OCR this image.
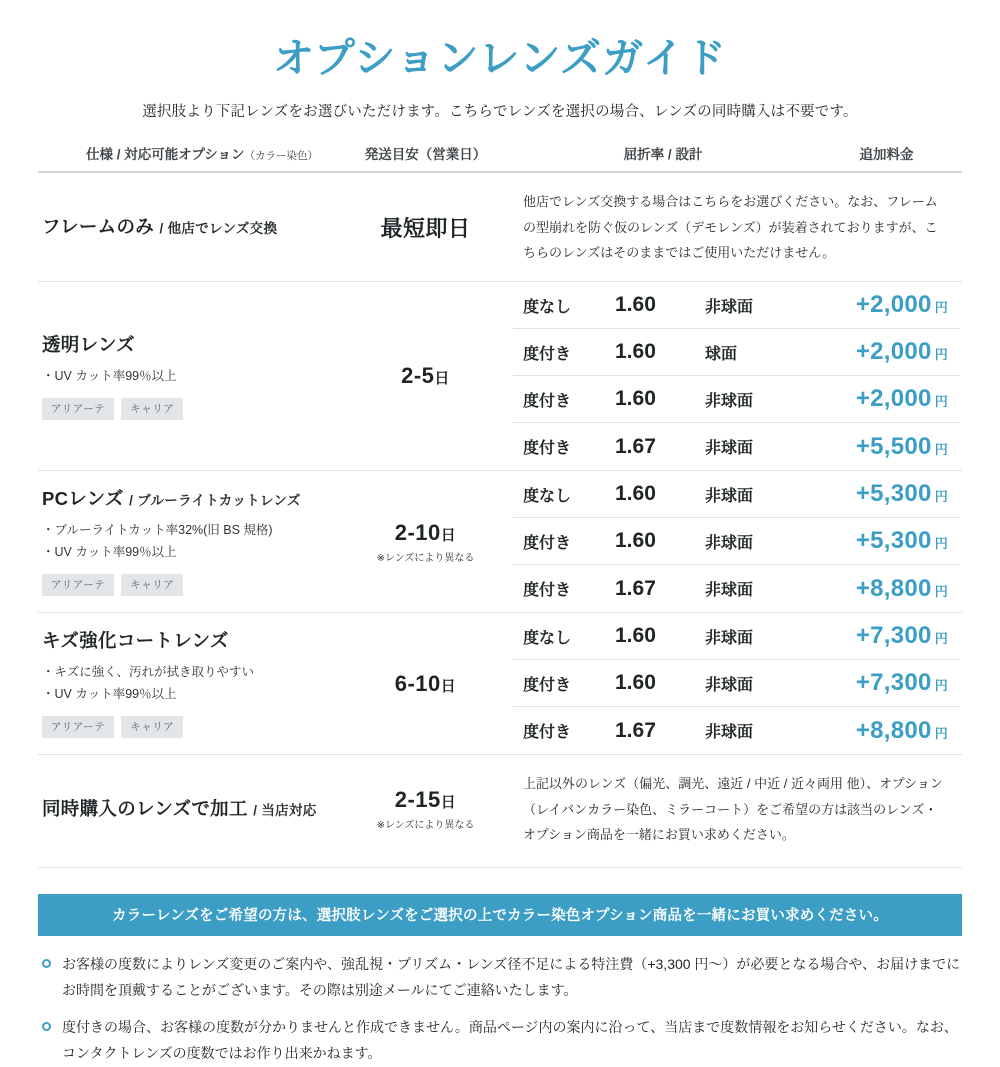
オプションレンズガイド
選択肢より下記レンズをお選びいただけます。こちらでレンズを選択の場合、レンズの同時購入は不要です。
仕様 / 対応可能オプション（カラー染色）	発送目安（営業日）	屈折率 / 設計	追加料金
フレームのみ / 他店でレンズ交換	最短即日
他店でレンズ交換する場合はこちらをお選びください。なお、フレームの型崩れを防ぐ仮のレンズ（デモレンズ）が装着されておりますが、こちらのレンズはそのままではご使用いただけません。
透明レンズ
・UV カット率99％以上
アリアーテ	キャリア
2-5日
度なし	1.60	非球面	+2,000 円
度付き	1.60	球面	+2,000 円
度付き	1.60	非球面	+2,000 円
度付き	1.67	非球面	+5,500 円
PCレンズ / ブルーライトカットレンズ
・ブルーライトカット率32%(旧 BS 規格)
・UV カット率99％以上
アリアーテ	キャリア
2-10日
※レンズにより異なる
度なし	1.60	非球面	+5,300 円
度付き	1.60	非球面	+5,300 円
度付き	1.67	非球面	+8,800 円
キズ強化コートレンズ
・キズに強く、汚れが拭き取りやすい
・UV カット率99％以上
アリアーテ	キャリア
6-10日
度なし	1.60	非球面	+7,300 円
度付き	1.60	非球面	+7,300 円
度付き	1.67	非球面	+8,800 円
同時購入のレンズで加工 / 当店対応	2-15日
※レンズにより異なる
上記以外のレンズ（偏光、調光、遠近 / 中近 / 近々両用 他）、オプション（レイバンカラー染色、ミラーコート）をご希望の方は該当のレンズ・オプション商品を一緒にお買い求めください。
カラーレンズをご希望の方は、選択肢レンズをご選択の上でカラー染色オプション商品を一緒にお買い求めください。
お客様の度数によりレンズ変更のご案内や、強乱視・プリズム・レンズ径不足による特注費（+3,300 円～）が必要となる場合や、お届けまでにお時間を頂戴することがございます。その際は別途メールにてご連絡いたします。
度付きの場合、お客様の度数が分かりませんと作成できません。商品ページ内の案内に沿って、当店まで度数情報をお知らせください。なお、コンタクトレンズの度数ではお作り出来かねます。
